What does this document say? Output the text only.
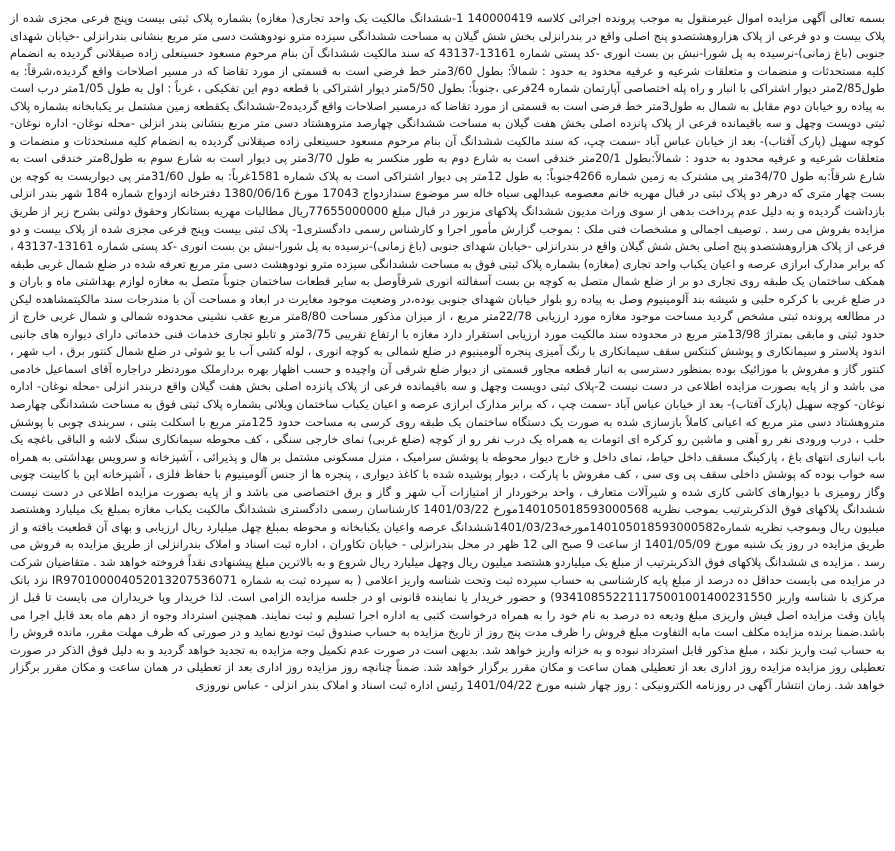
بسمه تعالی آگهی مزایده اموال غیرمنقول به موجب پرونده اجرائی کلاسه 140000419 1-ششدانگ مالکیت یک واحد تجاری( مغازه) بشماره پلاک ثبتی بیست وپنج فرعی مجزی شده از پلاک بیست و دو فرعی از پلاک هزاروهشتصدو پنج اصلی واقع در بندرانزلی بخش شش گیلان به مساحت ششدانگی سیزده مترو نودوهشت دسی متر مربع بنشانی بندرانزلی -خیابان شهدای جنوبی (باغ زمانی)-نرسیده به پل شورا-نبش بن بست انوری -کد پستی شماره 13161-43137 که سند مالکیت ششدانگ آن بنام مرحوم مسعود حسینعلی زاده صیقلانی گردیده به انضمام کلیه مستحدثات و منضمات و متعلقات شرعیه و عرفیه محدود به حدود : شمالاً: بطول 3/60متر خط فرضی است به قسمتی از مورد تقاضا که در مسیر اصلاحات واقع گردیده،شرقاً: به طول2/85متر دیوار اشتراکی با انبار و راه پله اختصاصی آپارتمان شماره 24فرعی ،جنوباً: بطول 5/50متر دیوار اشتراکی با قطعه دوم این تفکیکی ، غرباً : اول به طول 1/05متر درب است به پیاده رو خیابان دوم مقابل به شمال به طول3متر خط فرضی است به قسمتی از مورد تقاضا که درمسیر اصلاحات واقع گردیده2-ششدانگ یکقطعه زمین مشتمل بر یکبابخانه بشماره پلاک ثبتی دویست وچهل و سه باقیمانده فرعی از پلاک پانزده اصلی بخش هفت گیلان به مساحت ششدانگی چهارصد متروهشتاد دسی متر مربع بنشانی بندر انزلی -محله نوغان- اداره نوغان- کوچه سهیل (پارک آفتاب)- بعد از خیابان عباس آباد -سمت چپ، که سند مالکیت ششدانگ آن بنام مرحوم مسعود حسینعلی زاده صیقلانی گردیده به انضمام کلیه مستحدثات و منضمات و متعلقات شرعیه و عرفیه محدود به حدود : شمالاً:بطول 20/1متر خندقی است به شارع دوم به طور منکسر به طول 3/70متر پی دیوار است به شارع سوم به طول8متر خندقی است به شارع شرقاً:به طول 34/70متر پی مشترک به زمین شماره 4266جنوباً: به طول 12متر پی دیوار اشتراکی است به پلاک شماره 1581غرباً: به طول 31/60متر پی دیواریست به کوچه بن بست چهار متری که درهر دو پلاک ثبتی در قبال مهریه خانم معصومه عبدالهی سیاه خاله سر موضوع سندازدواج 17043 مورخ 1380/06/16 دفترخانه ازدواج شماره 184 شهر بندر انزلی بازداشت گردیده و به دلیل عدم پرداخت بدهی از سوی وراث مدیون ششدانگ پلاکهای مزبور در قبال مبلغ 77655000000ریال مطالبات مهریه بستانکار وحقوق دولتی بشرح زیر از طریق مزایده بفروش می رسد . توصیف اجمالی و مشخصات فنی ملک : بموجب گزارش مأمور اجرا و کارشناس رسمی دادگستری1- پلاک ثبتی بیست وپنج فرعی مجزی شده از پلاک بیست و دو فرعی از پلاک هزاروهشتصدو پنج اصلی بخش شش گیلان واقع در بندرانزلی -خیابان شهدای جنوبی (باغ زمانی)-نرسیده به پل شورا-نبش بن بست انوری -کد پستی شماره 13161-43137 ، که برابر مدارک ابرازی عرصه و اعیان یکباب واحد تجاری (مغازه) بشماره پلاک ثبتی فوق به مساحت ششدانگی سیزده مترو نودوهشت دسی متر مربع تعرفه شده در ضلع شمال غربی طبقه همکف ساختمان یک طبقه روی تجاری دو بر از ضلع شمال متصل به کوچه بن بست آسفالته انوری شرقاًوصل به سایر قطعات ساختمان جنوباً متصل به مغازه لوازم بهداشتی ماه و باران و در ضلع غربی با کرکره حلبی و شیشه بند آلومینیوم وصل به پیاده رو بلوار خیابان شهدای جنوبی بوده،در وضعیت موجود مغایرت در ابعاد و مساحت آن با مندرجات سند مالکیتمشاهده لیکن در مطالعه پرونده ثبتی مشخص گردید مساحت موجود مغازه مورد ارزیابی 22/78متر مربع ، از میزان مذکور مساحت 8/80متر مربع عقب نشینی محدوده شمالی و شمال غربی خارج از حدود ثبتی و مابقی بمتراژ 13/98متر مربع در محدوده سند مالکیت مورد ارزیابی استقرار دارد مغازه با ارتفاع تقریبی 3/75متر و تابلو تجاری خدمات فنی خدماتی دارای دیواره های جانبی اندود پلاستر و سیمانکاری و پوشش کنتکس سقف سیمانکاری با رنگ آمیزی پنجره آلومینیوم در ضلع شمالی به کوچه انوری ، لوله کشی آب با یو شوئی در ضلع شمال کنتور برق ، اب شهر ، کنتور گاز و مفروش با موزائیک بوده بمنظور دسترسی به انبار قطعه مجاور قسمتی از دیوار ضلع شرقی آن واچیده و حسب اظهار بهره بردارملک موردنظر دراجاره آقای اسماعیل خادمی می باشد و از پایه بصورت مزایده اطلاعی در دست نیست 2-پلاک ثبتی دویست وچهل و سه باقیمانده فرعی از پلاک پانزده اصلی بخش هفت گیلان واقع دربندر انزلی -محله نوغان- اداره نوغان- کوچه سهیل (پارک آفتاب)- بعد از خیابان عباس آباد -سمت چپ ، که برابر مدارک ابرازی عرصه و اعیان یکباب ساختمان ویلائی بشماره پلاک ثبتی فوق به مساحت ششدانگی چهارصد متروهشتاد دسی متر مربع که اعیانی کاملاً بازسازی شده به صورت یک دستگاه ساختمان یک طبقه روی کرسی به مساحت حدود 125متر مربع با اسکلت بتنی ، سربندی چوبی با پوشش حلب ، درب ورودی نفر رو آهنی و ماشین رو کرکره ای اتومات به همراه یک درب نفر رو از کوچه (ضلع غربی) نمای خارجی سنگی ، کف محوطه سیمانکاری سنگ لاشه و الباقی باغچه یک باب انباری انتهای باغ ، پارکینگ مسقف داخل حیاط، نمای داخل و خارج دیوار محوطه با پوشش سرامیک ، منزل مسکونی مشتمل بر هال و پذیرائی ، آشپزخانه و سرویس بهداشتی به همراه سه خواب بوده که پوشش داخلی سقف پی وی سی ، کف مفروش با پارکت ، دیوار پوشیده شده با کاغذ دیواری ، پنجره ها از جنس آلومینیوم با حفاظ فلزی ، آشپزخانه اپن با کابینت چوبی وگاز رومیزی با دیوارهای کاشی کاری شده و شیرآلات متعارف ، واحد برخوردار از امتیازات آب شهر و گاز و برق اختصاصی می باشد و از پایه بصورت مزایده اطلاعی در دست نیست ششدانگ پلاکهای فوق الذکربترتیب بموجب نظریه 140105018593000568مورخ 1401/03/22 کارشناسان رسمی دادگستری ششدانگ مالکیت یکباب مغازه بمبلغ یک میلیارد وهشتصد میلیون ریال وبموجب نظریه شماره140105018593000582مورخه1401/03/23ششدانگ عرصه واعیان یکبابخانه و محوطه بمبلغ چهل میلیارد ریال ارزیابی و بهای آن قطعیت یافته و از طریق مزایده در روز یک شنبه مورخ 1401/05/09 از ساعت 9 صبح الی 12 ظهر در محل بندرانزلی - خیابان تکاوران ، اداره ثبت اسناد و املاک بندرانزلی از طریق مزایده به فروش می رسد . مزایده ی ششدانگ پلاکهای فوق الذکربترتیب از مبلغ یک میلیاردو هشتصد میلیون ریال وچهل میلیارد ریال شروع و به بالاترین مبلغ پیشنهادی نقداً فروخته خواهد شد . متقاضیان شرکت در مزایده می بایست حداقل ده درصد از مبلغ پایه کارشناسی به حساب سپرده ثبت وتحت شناسه واریز اعلامی ( به سپرده ثبت به شماره IR970100004052013207536071 نزد بانک مرکزی با شناسه واریز 934108552211175001001400231550) و حضور خریدار یا نماینده قانونی او در جلسه مزایده الزامی است. لذا خریدار وپا خریداران می بایست تا قبل از پایان وقت مزایده اصل فیش واریزی مبلغ ودیعه ده درصد به نام خود را به همراه درخواست کتبی به اداره اجرا تسلیم و ثبت نمایند. همچنین استرداد وجوه از دهم ماه بعد قابل اجرا می باشد.ضمنا برنده مزایده مکلف است مابه التفاوت مبلغ فروش را ظرف مدت پنج روز از تاریخ مزایده به حساب صندوق ثبت تودیع نماید و در صورتی که ظرف مهلت مقرر، مانده فروش را به حساب ثبت واریز نکند ، مبلغ مذکور قابل استرداد نبوده و به خزانه واریز خواهد شد. بدیهی است در صورت عدم تکمیل وجه مزایده به تجدید خواهد گردید و به دلیل فوق الذکر در صورت تعطیلی روز مزایده مزایده روز اداری بعد از تعطیلی همان ساعت و مکان مقرر برگزار خواهد شد. ضمناً چنانچه روز مزایده روز اداری بعد از تعطیلی در همان ساعت و مکان مقرر برگزار خواهد شد. زمان انتشار آگهی در روزنامه الکترونیکی : روز چهار شنبه مورخ 1401/04/22 رئیس اداره ثبت اسناد و املاک بندر انزلی - عباس نوروزی
